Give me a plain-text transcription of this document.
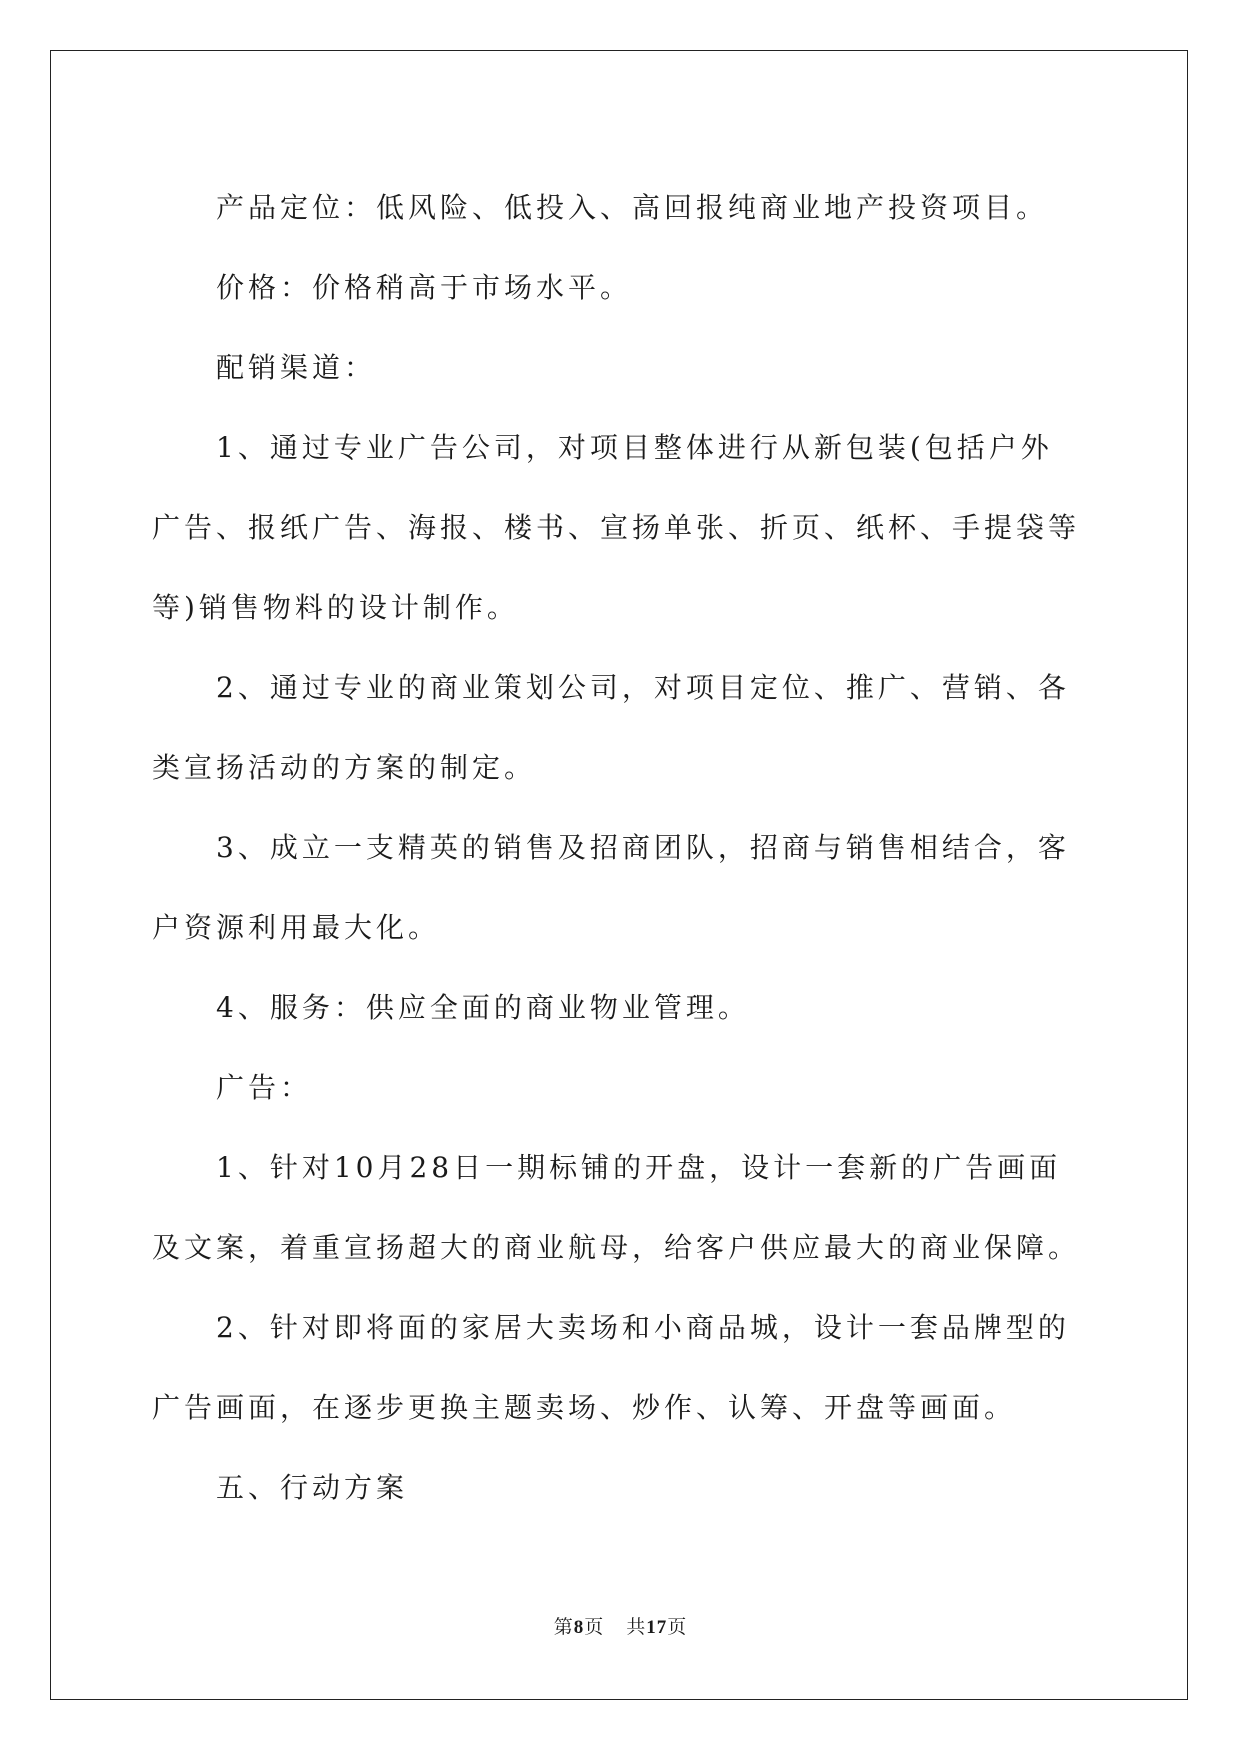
产品定位：低风险、低投入、高回报纯商业地产投资项目。

价格：价格稍高于市场水平。

配销渠道：

1、通过专业广告公司，对项目整体进行从新包装(包括户外广告、报纸广告、海报、楼书、宣扬单张、折页、纸杯、手提袋等等)销售物料的设计制作。

2、通过专业的商业策划公司，对项目定位、推广、营销、各类宣扬活动的方案的制定。

3、成立一支精英的销售及招商团队，招商与销售相结合，客户资源利用最大化。

4、服务：供应全面的商业物业管理。

广告：

1、针对10月28日一期标铺的开盘，设计一套新的广告画面及文案，着重宣扬超大的商业航母，给客户供应最大的商业保障。

2、针对即将面的家居大卖场和小商品城，设计一套品牌型的广告画面，在逐步更换主题卖场、炒作、认筹、开盘等画面。

五、行动方案

第8页 共17页
